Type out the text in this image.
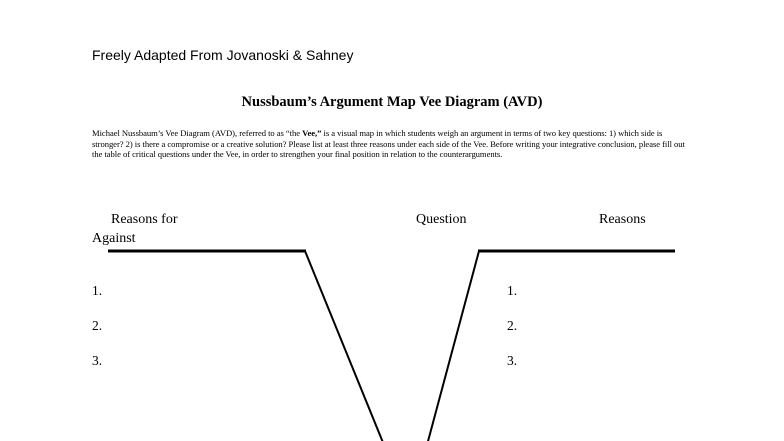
Freely Adapted From Jovanoski & Sahney
Nussbaum’s Argument Map Vee Diagram (AVD)
Michael Nussbaum’s Vee Diagram (AVD), referred to as “the Vee,” is a visual map in which students weigh an argument in terms of two key questions: 1) which side is stronger? 2) is there a compromise or a creative solution? Please list at least three reasons under each side of the Vee. Before writing your integrative conclusion, please fill out the table of critical questions under the Vee, in order to strengthen your final position in relation to the counterarguments.
Reasons for
Against
Question	Reasons
1.
2.
3.
1.
2.
3.
